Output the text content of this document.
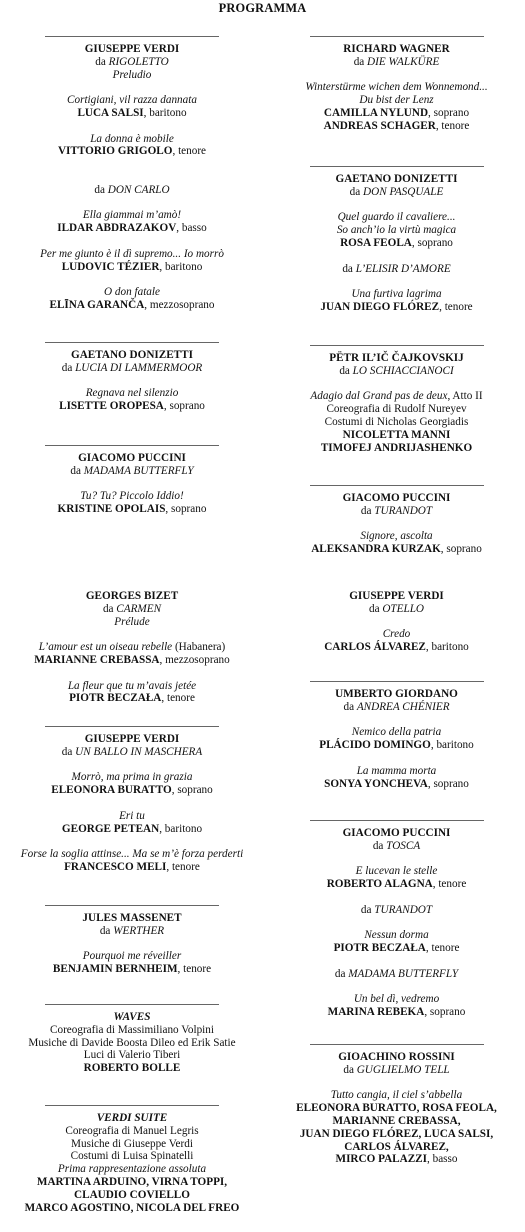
PROGRAMMA
GIUSEPPE VERDI
da RIGOLETTO
Preludio
Cortigiani, vil razza dannata
LUCA SALSI, baritono
La donna è mobile
VITTORIO GRIGOLO, tenore
da DON CARLO
Ella giammai m’amò!
ILDAR ABDRAZAKOV, basso
Per me giunto è il dì supremo... Io morrò
LUDOVIC TÉZIER, baritono
O don fatale
ELĪNA GARANČA, mezzosoprano
GAETANO DONIZETTI
da LUCIA DI LAMMERMOOR
Regnava nel silenzio
LISETTE OROPESA, soprano
GIACOMO PUCCINI
da MADAMA BUTTERFLY
Tu? Tu? Piccolo Iddio!
KRISTINE OPOLAIS, soprano
GEORGES BIZET
da CARMEN
Prélude
L’amour est un oiseau rebelle (Habanera)
MARIANNE CREBASSA, mezzosoprano
La fleur que tu m’avais jetée
PIOTR BECZAŁA, tenore
GIUSEPPE VERDI
da UN BALLO IN MASCHERA
Morrò, ma prima in grazia
ELEONORA BURATTO, soprano
Eri tu
GEORGE PETEAN, baritono
Forse la soglia attinse... Ma se m’è forza perderti
FRANCESCO MELI, tenore
JULES MASSENET
da WERTHER
Pourquoi me réveiller
BENJAMIN BERNHEIM, tenore
WAVES
Coreografia di Massimiliano Volpini
Musiche di Davide Boosta Dileo ed Erik Satie
Luci di Valerio Tiberi
ROBERTO BOLLE
VERDI SUITE
Coreografia di Manuel Legris
Musiche di Giuseppe Verdi
Costumi di Luisa Spinatelli
Prima rappresentazione assoluta
MARTINA ARDUINO, VIRNA TOPPI,
CLAUDIO COVIELLO
MARCO AGOSTINO, NICOLA DEL FREO
RICHARD WAGNER
da DIE WALKÜRE
Winterstürme wichen dem Wonnemond...
Du bist der Lenz
CAMILLA NYLUND, soprano
ANDREAS SCHAGER, tenore
GAETANO DONIZETTI
da DON PASQUALE
Quel guardo il cavaliere...
So anch’io la virtù magica
ROSA FEOLA, soprano
da L’ELISIR D’AMORE
Una furtiva lagrima
JUAN DIEGO FLÓREZ, tenore
PËTR IL’IČ ČAJKOVSKIJ
da LO SCHIACCIANOCI
Adagio dal Grand pas de deux, Atto II
Coreografia di Rudolf Nureyev
Costumi di Nicholas Georgiadis
NICOLETTA MANNI
TIMOFEJ ANDRIJASHENKO
GIACOMO PUCCINI
da TURANDOT
Signore, ascolta
ALEKSANDRA KURZAK, soprano
GIUSEPPE VERDI
da OTELLO
Credo
CARLOS ÁLVAREZ, baritono
UMBERTO GIORDANO
da ANDREA CHÉNIER
Nemico della patria
PLÁCIDO DOMINGO, baritono
La mamma morta
SONYA YONCHEVA, soprano
GIACOMO PUCCINI
da TOSCA
E lucevan le stelle
ROBERTO ALAGNA, tenore
da TURANDOT
Nessun dorma
PIOTR BECZAŁA, tenore
da MADAMA BUTTERFLY
Un bel dì, vedremo
MARINA REBEKA, soprano
GIOACHINO ROSSINI
da GUGLIELMO TELL
Tutto cangia, il ciel s’abbella
ELEONORA BURATTO, ROSA FEOLA,
MARIANNE CREBASSA,
JUAN DIEGO FLÓREZ, LUCA SALSI,
CARLOS ÁLVAREZ,
MIRCO PALAZZI, basso
